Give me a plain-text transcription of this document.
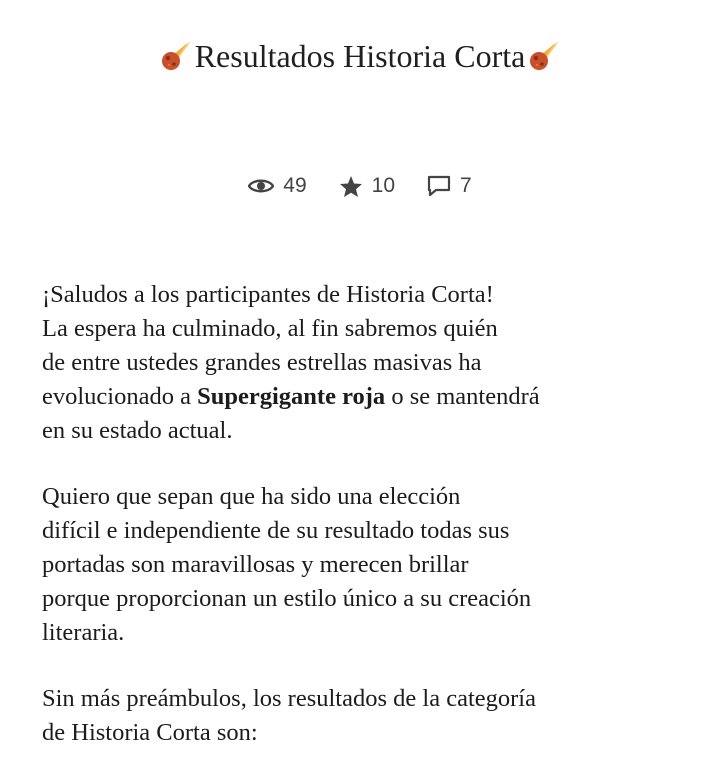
Resultados Historia Corta
49	10	7

¡Saludos a los participantes de Historia Corta!
La espera ha culminado, al fin sabremos quién
de entre ustedes grandes estrellas masivas ha
evolucionado a Supergigante roja o se mantendrá
en su estado actual.

Quiero que sepan que ha sido una elección
difícil e independiente de su resultado todas sus
portadas son maravillosas y merecen brillar
porque proporcionan un estilo único a su creación
literaria.

Sin más preámbulos, los resultados de la categoría
de Historia Corta son:
